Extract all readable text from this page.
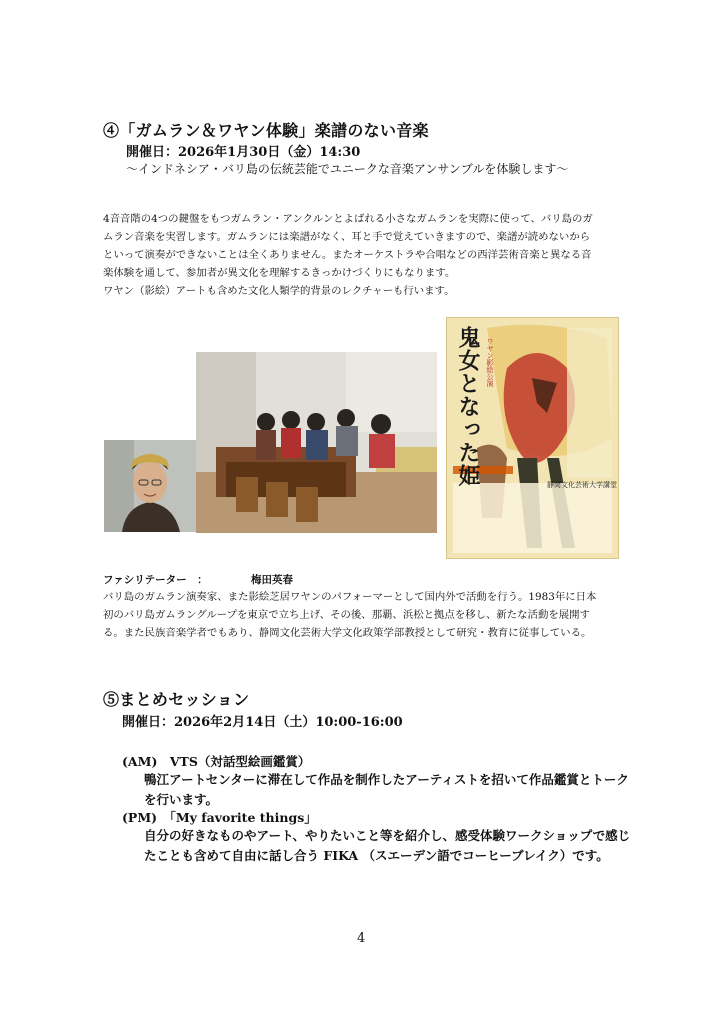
④「ガムラン＆ワヤン体験」楽譜のない音楽
開催日：2026年1月30日（金）14:30
〜インドネシア・バリ島の伝統芸能でユニークな音楽アンサンブルを体験します〜

4音音階の4つの鍵盤をもつガムラン・アンクルンとよばれる小さなガムランを実際に使って、バリ島のガ

ムラン音楽を実習します。ガムランには楽譜がなく、耳と手で覚えていきますので、楽譜が読めないから

といって演奏ができないことは全くありません。またオーケストラや合唱などの西洋芸術音楽と異なる音

楽体験を通して、参加者が異文化を理解するきっかけづくりにもなります。

ワヤン（影絵）アートも含めた文化人類学的背景のレクチャーも行います。

鬼女となった姫 ワヤン影絵公演
静岡文化芸術大学講堂
ファシリテーター　：	梅田英春

バリ島のガムラン演奏家、また影絵芝居ワヤンのパフォーマーとして国内外で活動を行う。1983年に日本

初のバリ島ガムラングループを東京で立ち上げ、その後、那覇、浜松と拠点を移し、新たな活動を展開す

る。また民族音楽学者でもあり、静岡文化芸術大学文化政策学部教授として研究・教育に従事している。

⑤まとめセッション
開催日：2026年2月14日（土）10:00-16:00
(AM)　VTS（対話型絵画鑑賞）

鴨江アートセンターに滞在して作品を制作したアーティストを招いて作品鑑賞とトーク

を行います。

(PM)　「My favorite things」

自分の好きなものやアート、やりたいこと等を紹介し、感受体験ワークショップで感じ

たことも含めて自由に話し合う FIKA （スエーデン語でコーヒーブレイク）です。

4
